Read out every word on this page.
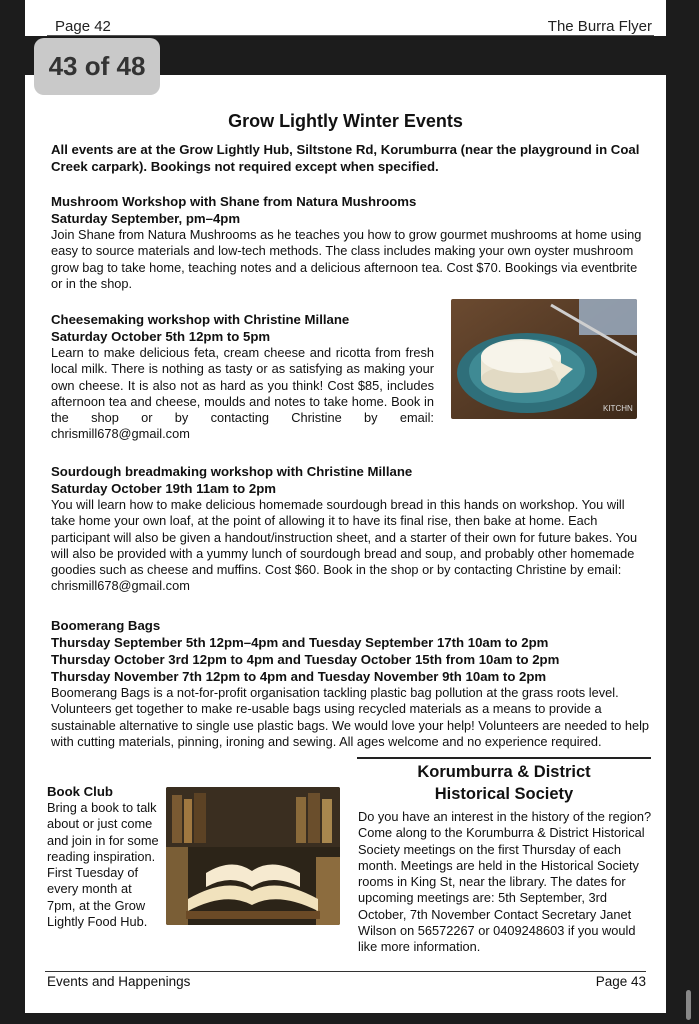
Page 42	The Burra Flyer
43 of 48
Grow Lightly Winter Events
All events are at the Grow Lightly Hub, Siltstone Rd, Korumburra (near the playground in Coal Creek carpark). Bookings not required except when specified.
Mushroom Workshop with Shane from Natura Mushrooms
Saturday September, pm–4pm
Join Shane from Natura Mushrooms as he teaches you how to grow gourmet mushrooms at home using easy to source materials and low-tech methods. The class includes making your own oyster mushroom grow bag to take home, teaching notes and a delicious afternoon tea. Cost $70. Bookings via eventbrite or in the shop.
Cheesemaking workshop with Christine Millane
Saturday October 5th 12pm to 5pm
Learn to make delicious feta, cream cheese and ricotta from fresh local milk. There is nothing as tasty or as satisfying as making your own cheese. It is also not as hard as you think! Cost $85, includes afternoon tea and cheese, moulds and notes to take home. Book in the shop or by contacting Christine by email: chrismill678@gmail.com
KITCHN
Sourdough breadmaking workshop with Christine Millane
Saturday October 19th 11am to 2pm
You will learn how to make delicious homemade sourdough bread in this hands on workshop. You will take home your own loaf, at the point of allowing it to have its final rise, then bake at home. Each participant will also be given a handout/instruction sheet, and a starter of their own for future bakes. You will also be provided with a yummy lunch of sourdough bread and soup, and probably other homemade goodies such as cheese and muffins. Cost $60. Book in the shop or by contacting Christine by email: chrismill678@gmail.com
Boomerang Bags
Thursday September 5th 12pm–4pm and Tuesday September 17th 10am to 2pm
Thursday October 3rd 12pm to 4pm and Tuesday October 15th from 10am to 2pm
Thursday November 7th 12pm to 4pm and Tuesday November 9th 10am to 2pm
Boomerang Bags is a not-for-profit organisation tackling plastic bag pollution at the grass roots level. Volunteers get together to make re-usable bags using recycled materials as a means to provide a sustainable alternative to single use plastic bags. We would love your help! Volunteers are needed to help with cutting materials, pinning, ironing and sewing. All ages welcome and no experience required.
Book Club
Bring a book to talk about or just come and join in for some reading inspiration. First Tuesday of every month at 7pm, at the Grow Lightly Food Hub.
Korumburra & District
Historical Society
Do you have an interest in the history of the region? Come along to the Korumburra & District Historical Society meetings on the first Thursday of each month. Meetings are held in the Historical Society rooms in King St, near the library. The dates for upcoming meetings are: 5th September, 3rd October, 7th November Contact Secretary Janet Wilson on 56572267 or 0409248603 if you would like more information.
Events and Happenings	Page 43
